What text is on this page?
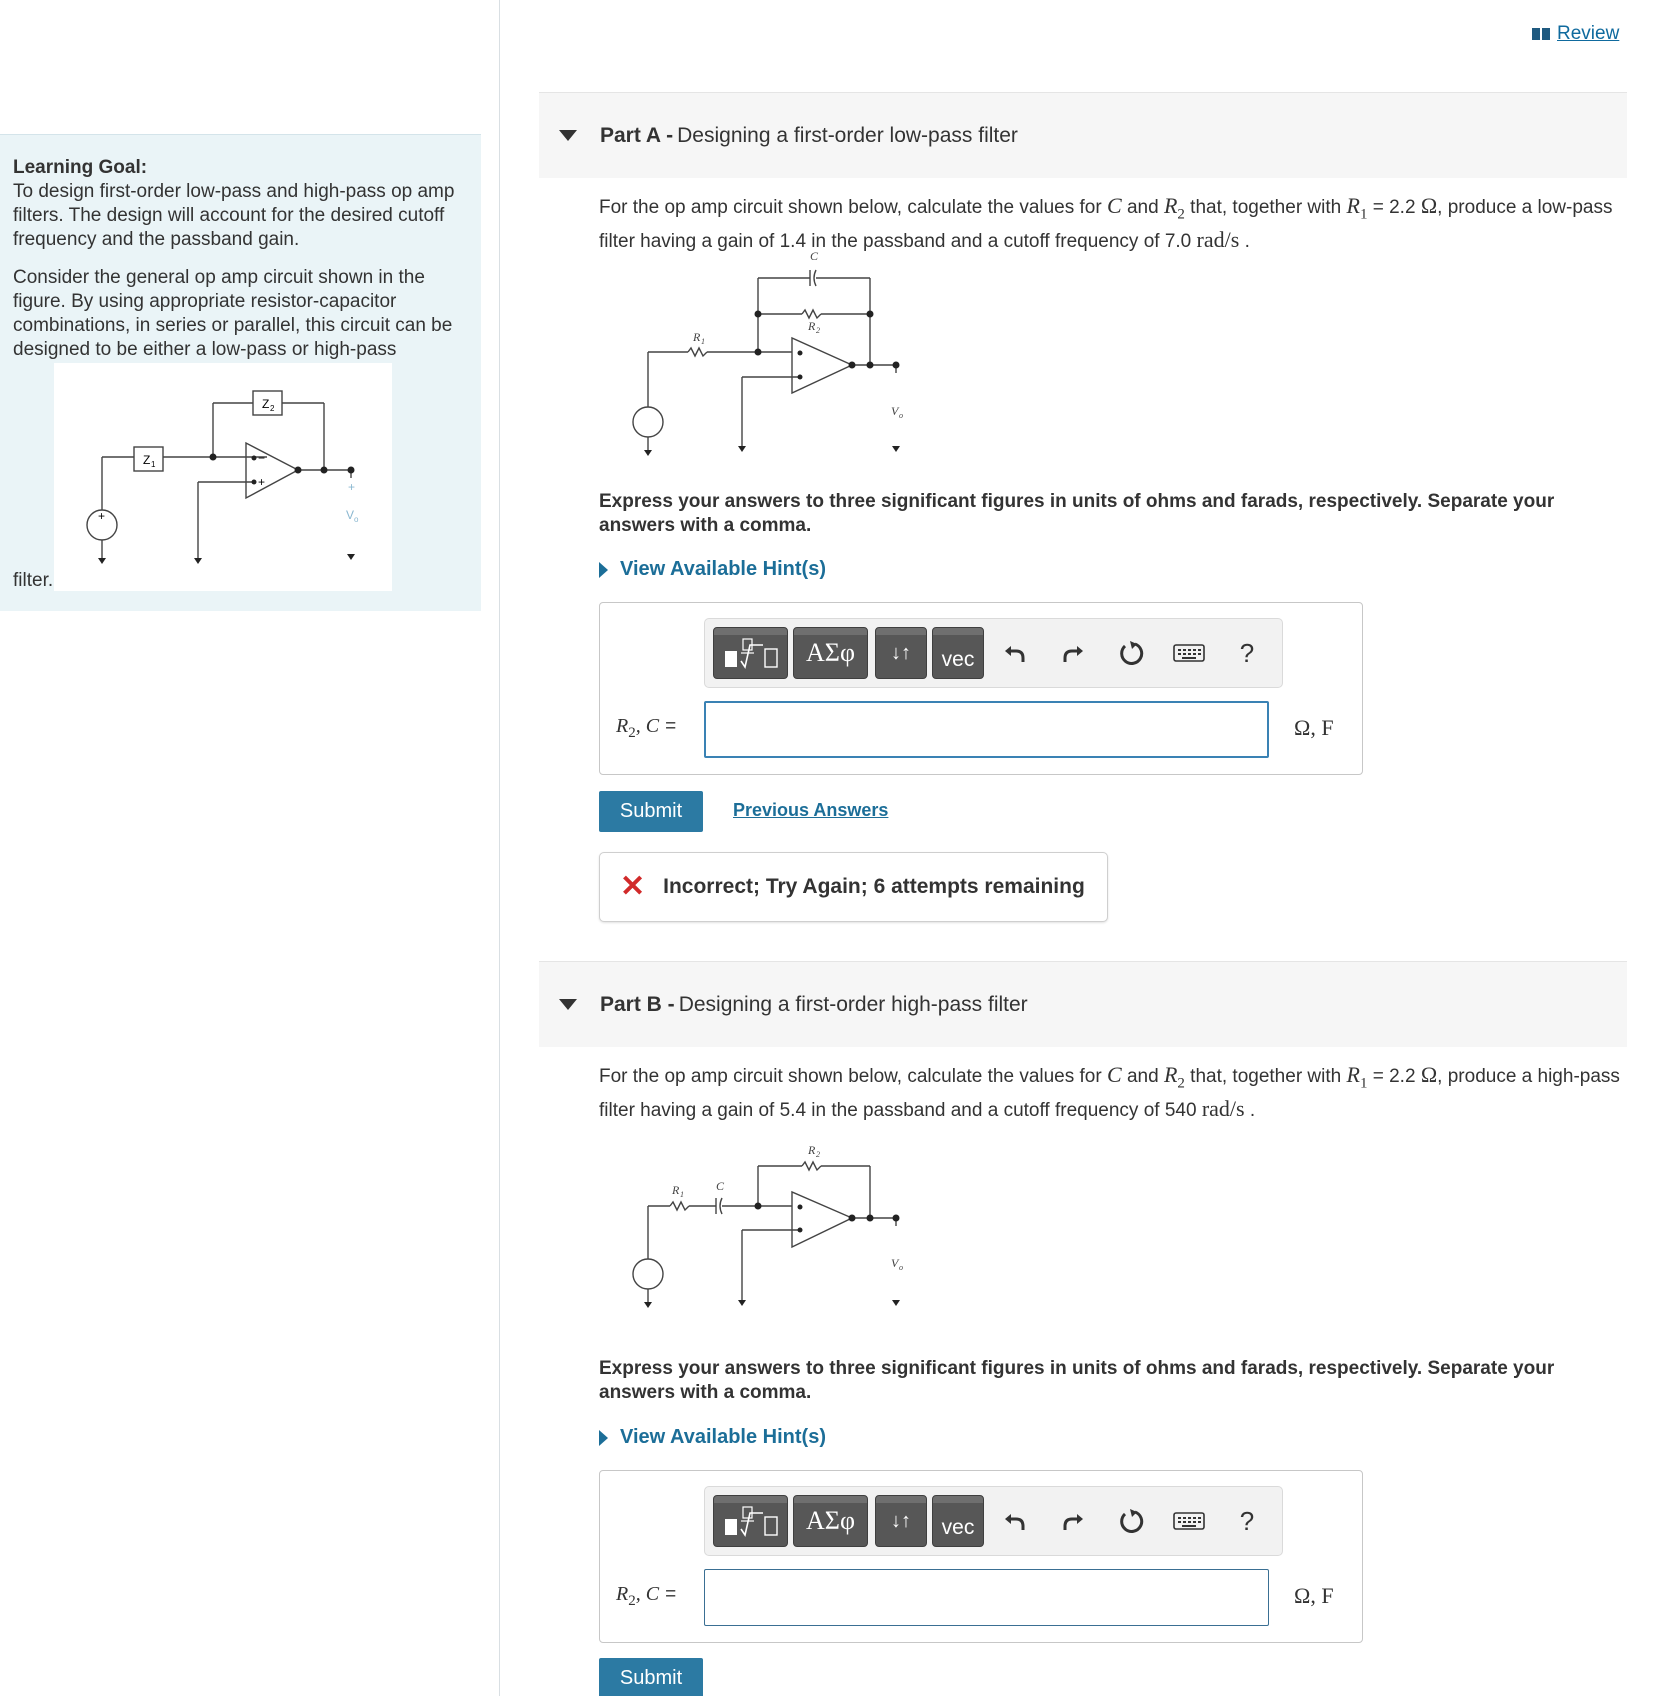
Review

Learning Goal:
To design first-order low-pass and high-pass op amp filters. The design will account for the desired cutoff frequency and the passband gain.

Consider the general op amp circuit shown in the figure. By using appropriate resistor-capacitor combinations, in series or parallel, this circuit can be designed to be either a low-pass or high-pass

Z
Z
1
2
−
+
+	V o
+
filter.
Part A - Designing a first-order low-pass filter
For the op amp circuit shown below, calculate the values for C and $R_2$ that, together with $R_1 = 2.2$ Ω, produce a low-pass filter having a gain of 1.4 in the passband and a cutoff frequency of 7.0 rad/s .
C
R 2
R 1
V o
Express your answers to three significant figures in units of ohms and farads, respectively. Separate your answers with a comma.
View Available Hint(s)
ΑΣφ	↓↑	vec	?
$R_2$, C =	Ω, F
Submit	Previous Answers
✕ Incorrect; Try Again; 6 attempts remaining
Part B - Designing a first-order high-pass filter
For the op amp circuit shown below, calculate the values for C and $R_2$ that, together with $R_1 = 2.2$ Ω, produce a high-pass filter having a gain of 5.4 in the passband and a cutoff frequency of 540 rad/s .
R 2
R 1
C
V o
Express your answers to three significant figures in units of ohms and farads, respectively. Separate your answers with a comma.
View Available Hint(s)
ΑΣφ	↓↑	vec	?
$R_2$, C =	Ω, F
Submit
